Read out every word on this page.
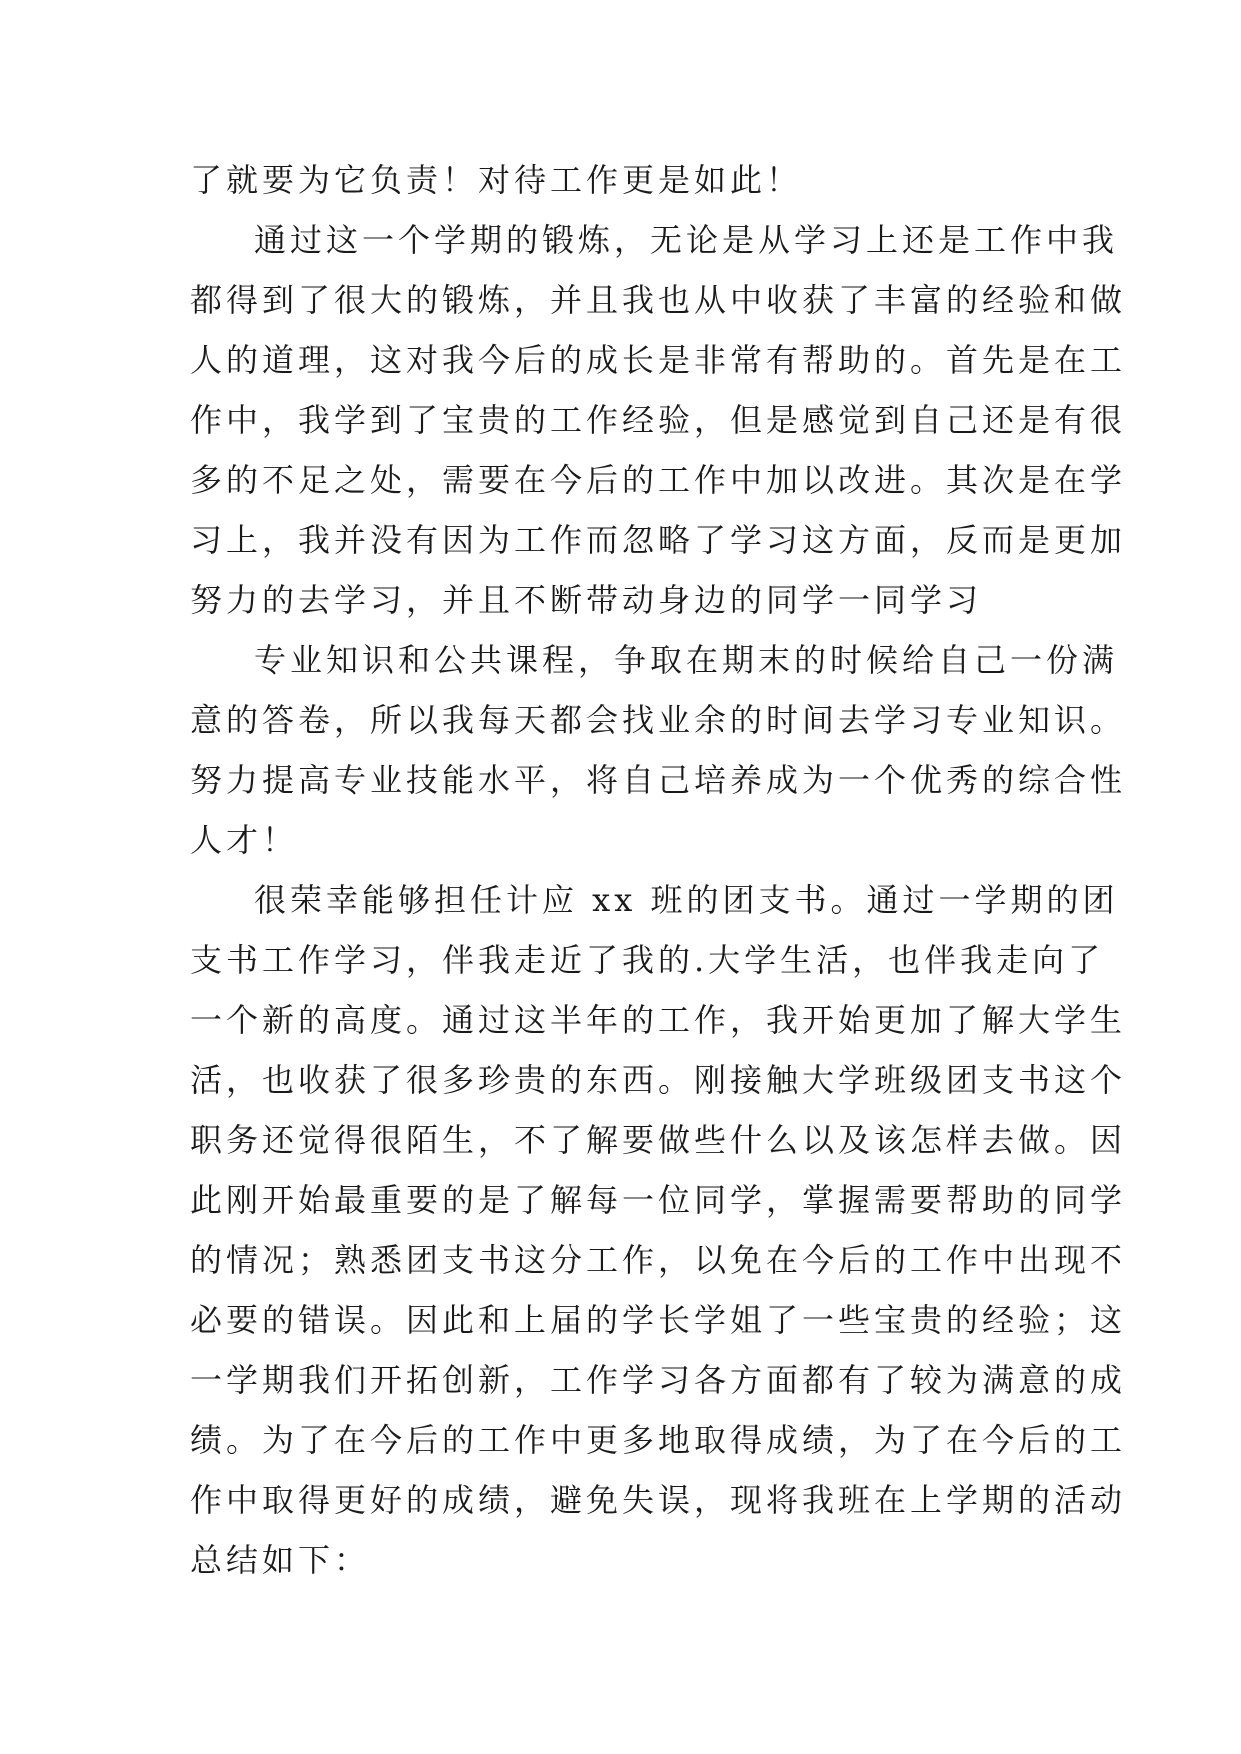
了就要为它负责！对待工作更是如此！
通过这一个学期的锻炼，无论是从学习上还是工作中我
都得到了很大的锻炼，并且我也从中收获了丰富的经验和做
人的道理，这对我今后的成长是非常有帮助的。首先是在工
作中，我学到了宝贵的工作经验，但是感觉到自己还是有很
多的不足之处，需要在今后的工作中加以改进。其次是在学
习上，我并没有因为工作而忽略了学习这方面，反而是更加
努力的去学习，并且不断带动身边的同学一同学习
专业知识和公共课程，争取在期末的时候给自己一份满
意的答卷，所以我每天都会找业余的时间去学习专业知识。
努力提高专业技能水平，将自己培养成为一个优秀的综合性
人才！
很荣幸能够担任计应 xx 班的团支书。通过一学期的团
支书工作学习，伴我走近了我的.大学生活，也伴我走向了
一个新的高度。通过这半年的工作，我开始更加了解大学生
活，也收获了很多珍贵的东西。刚接触大学班级团支书这个
职务还觉得很陌生，不了解要做些什么以及该怎样去做。因
此刚开始最重要的是了解每一位同学，掌握需要帮助的同学
的情况；熟悉团支书这分工作，以免在今后的工作中出现不
必要的错误。因此和上届的学长学姐了一些宝贵的经验；这
一学期我们开拓创新，工作学习各方面都有了较为满意的成
绩。为了在今后的工作中更多地取得成绩，为了在今后的工
作中取得更好的成绩，避免失误，现将我班在上学期的活动
总结如下：
